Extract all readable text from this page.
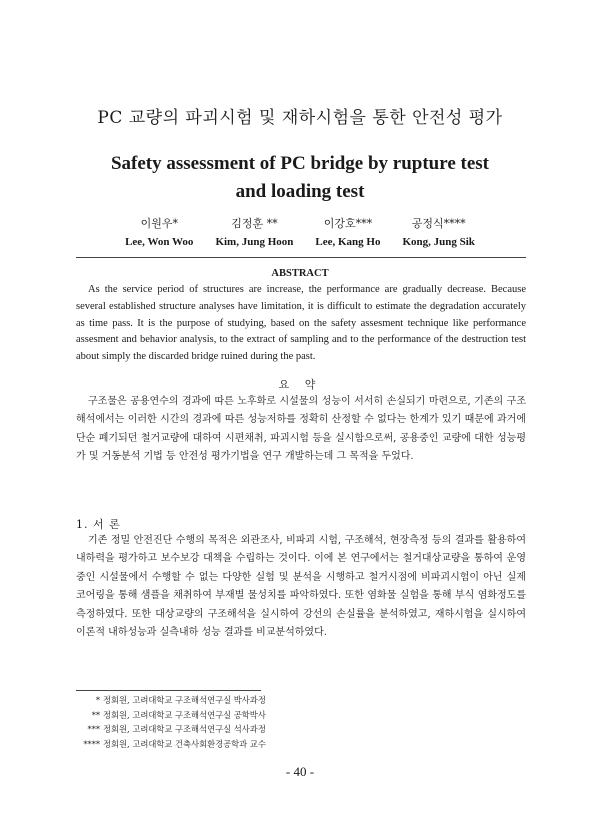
PC 교량의 파괴시험 및 재하시험을 통한 안전성 평가
Safety assessment of PC bridge by rupture test
and loading test
이원우*
Lee, Won Woo
김정훈 **
Kim, Jung Hoon
이강호***
Lee, Kang Ho
공정식****
Kong, Jung Sik
ABSTRACT
As the service period of structures are increase, the performance are gradually decrease. Because several established structure analyses have limitation, it is difficult to estimate the degradation accurately as time pass. It is the purpose of studying, based on the safety assesment technique like performance assesment and behavior analysis, to the extract of sampling and to the performance of the destruction test about simply the discarded bridge ruined during the past.
요 약
구조물은 공용연수의 경과에 따른 노후화로 시설물의 성능이 서서히 손실되기 마련으로, 기존의 구조해석에서는 이러한 시간의 경과에 따른 성능저하를 정확히 산정할 수 없다는 한계가 있기 때문에 과거에 단순 폐기되던 철거교량에 대하여 시편채취, 파괴시험 등을 실시함으로써, 공용중인 교량에 대한 성능평가 및 거동분석 기법 등 안전성 평가기법을 연구 개발하는데 그 목적을 두었다.
1. 서 론
기존 정밀 안전진단 수행의 목적은 외관조사, 비파괴 시험, 구조해석, 현장측정 등의 결과를 활용하여 내하력을 평가하고 보수보강 대책을 수립하는 것이다. 이에 본 연구에서는 철거대상교량을 통하여 운영 중인 시설물에서 수행할 수 없는 다양한 실험 및 분석을 시행하고 철거시점에 비파괴시험이 아닌 실제 코어링을 통해 샘플을 채취하여 부재별 물성치를 파악하였다. 또한 염화물 실험을 통해 부식 염화정도를 측정하였다. 또한 대상교량의 구조해석을 실시하여 강선의 손실률을 분석하였고, 재하시험을 실시하여 이론적 내하성능과 실측내하 성능 결과를 비교분석하였다.
* 정회원, 고려대학교 구조해석연구실 박사과정
** 정회원, 고려대학교 구조해석연구실 공학박사
*** 정회원, 고려대학교 구조해석연구실 석사과정
**** 정회원, 고려대학교 건축사회환경공학과 교수
- 40 -
